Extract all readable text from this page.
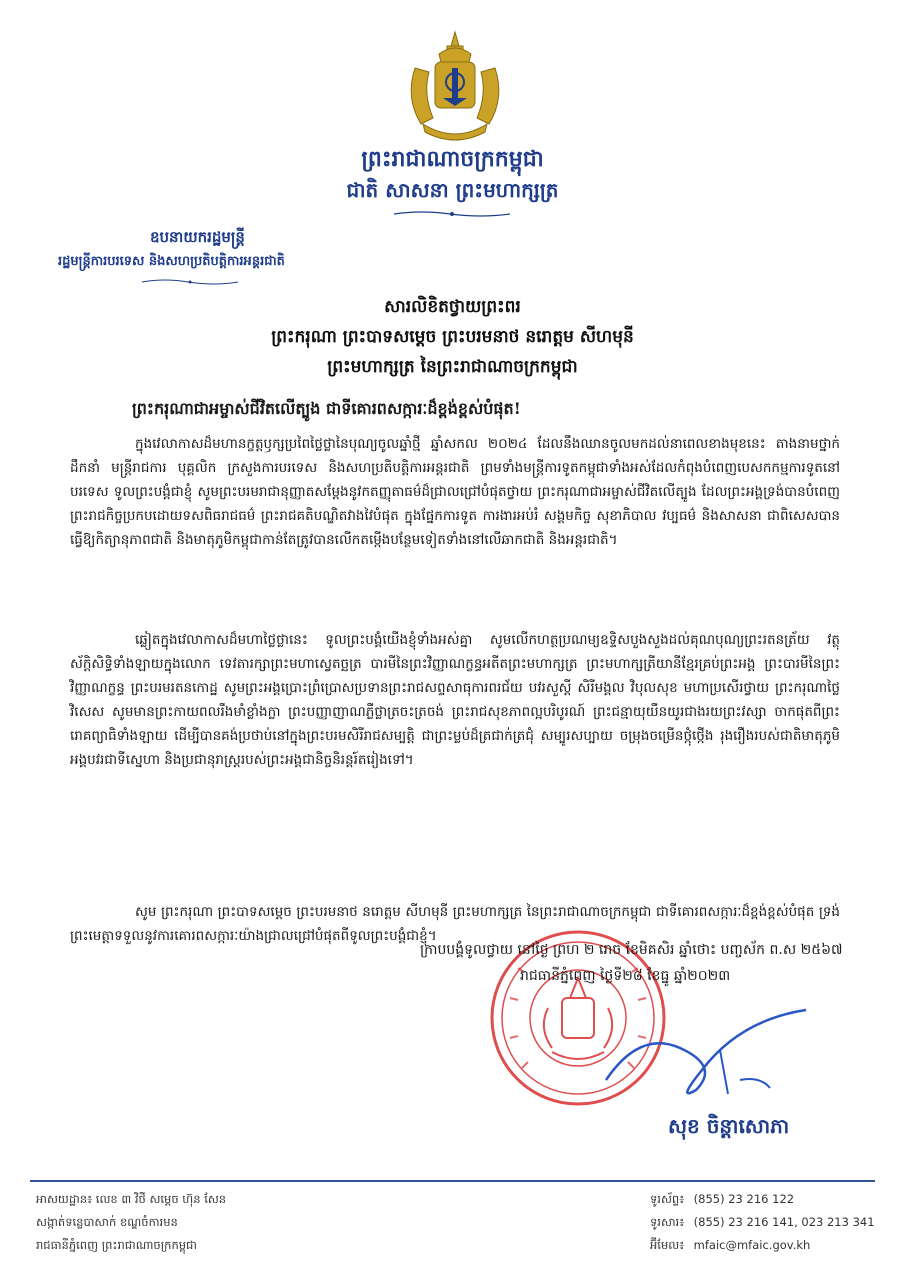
ព្រះរាជាណាចក្រកម្ពុជា
ជាតិ សាសនា ព្រះមហាក្សត្រ
ឧបនាយករដ្ឋមន្ត្រី
រដ្ឋមន្ត្រីការបរទេស និងសហប្រតិបត្តិការអន្តរជាតិ
សារលិខិតថ្វាយព្រះពរ
ព្រះករុណា ព្រះបាទសម្តេច ព្រះបរមនាថ នរោត្តម សីហមុនី
ព្រះមហាក្សត្រ នៃព្រះរាជាណាចក្រកម្ពុជា
ព្រះករុណាជាអម្ចាស់ជីវិតលើត្បូង ជាទីគោរពសក្ការៈដ៏ខ្ពង់ខ្ពស់បំផុត!
ក្នុងវេលាកាសដ៏មហានក្ខត្តឫក្សប្រពៃថ្លៃថ្លានៃបុណ្យចូលឆ្នាំថ្មី ឆ្នាំសកល ២០២៤ ដែលនឹងឈានចូលមកដល់នាពេលខាងមុខនេះ តាងនាមថ្នាក់ដឹកនាំ មន្ត្រីរាជការ បុគ្គលិក ក្រសួងការបរទេស និងសហប្រតិបត្តិការអន្តរជាតិ ព្រមទាំងមន្ត្រីការទូតកម្ពុជាទាំងអស់ដែលកំពុងបំពេញបេសកកម្មការទូតនៅបរទេស ទូលព្រះបង្គំជាខ្ញុំ សូមព្រះបរមរាជានុញ្ញាតសម្តែងនូវកតញ្ញុតាធម៌ដ៏ជ្រាលជ្រៅបំផុតថ្វាយ ព្រះករុណាជាអម្ចាស់ជីវិតលើត្បូង ដែលព្រះអង្គទ្រង់បានបំពេញព្រះរាជកិច្ចប្រកបដោយទសពិធរាជធម៌ ព្រះរាជគតិបណ្ឌិតវាងវៃបំផុត ក្នុងផ្នែកការទូត ការងារអប់រំ សង្គមកិច្ច សុខាភិបាល វប្បធម៌ និងសាសនា ជាពិសេសបានធ្វើឱ្យកិត្យានុភាពជាតិ និងមាតុភូមិកម្ពុជាកាន់តែត្រូវបានលើកតម្កើងបន្ថែមទៀតទាំងនៅលើឆាកជាតិ និងអន្តរជាតិ។
ឆ្លៀតក្នុងវេលាកាសដ៏មហាថ្លៃថ្លានេះ ទូលព្រះបង្គំយើងខ្ញុំទាំងអស់គ្នា សូមលើកហត្ថប្រណម្យឧទ្ទិសបួងសួងដល់គុណបុណ្យព្រះរតនត្រ័យ វត្ថុស័ក្តិសិទ្ធិទាំងឡាយក្នុងលោក ទេវតារក្សាព្រះមហាស្វេតច្ឆត្រ បារមីនៃព្រះវិញ្ញាណក្ខន្ធអតីតព្រះមហាក្សត្រ ព្រះមហាក្សត្រីយានីខ្មែរគ្រប់ព្រះអង្គ ព្រះបារមីនៃព្រះវិញ្ញាណក្ខន្ធ ព្រះបរមរតនកោដ្ឋ សូមព្រះអង្គប្រោះព្រំប្រោសប្រទានព្រះរាជសព្ទសាធុការពរជ័យ បវរសួស្តី សិរីមង្គល វិបុលសុខ មហាប្រសើរថ្វាយ ព្រះករុណាថ្លៃវិសេស សូមមានព្រះកាយពលរឹងមាំខ្លាំងក្លា ព្រះបញ្ញាញាណភ្លឺថ្លាត្រចះត្រចង់ ព្រះរាជសុខភាពល្អបរិបូរណ៍ ព្រះជន្មាយុយឺនយូរជាងរយព្រះវស្សា ចាកផុតពីព្រះរោគព្យាធិទាំងឡាយ ដើម្បីបានគង់ប្រថាប់នៅក្នុងព្រះបរមសិរីរាជសម្បត្តិ ជាព្រះម្លប់ដ៏ត្រជាក់ត្រជុំ សម្បូរសប្បាយ ចម្រុងចម្រើនថ្កុំថ្កើង រុងរឿងរបស់ជាតិមាតុភូមិ អង្គបវរជាទីស្នេហា និងប្រជានុរាស្ត្ររបស់ព្រះអង្គជានិច្ចនិរន្តរ៍តរៀងទៅ។
សូម ព្រះករុណា ព្រះបាទសម្តេច ព្រះបរមនាថ នរោត្តម សីហមុនី ព្រះមហាក្សត្រ នៃព្រះរាជាណាចក្រកម្ពុជា ជាទីគោរពសក្ការៈដ៏ខ្ពង់ខ្ពស់បំផុត ទ្រង់ព្រះមេត្តាទទួលនូវការគោរពសក្ការៈយ៉ាងជ្រាលជ្រៅបំផុតពីទូលព្រះបង្គំជាខ្ញុំ។
ក្រាបបង្គំទូលថ្វាយ នៅថ្ងៃ ព្រហ ២ រោច ខែមិគសិរ ឆ្នាំថោះ បញ្ចស័ក ព.ស ២៥៦៧
រាជធានីភ្នំពេញ ថ្ងៃទី២៨ ខែធ្នូ ឆ្នាំ២០២៣
សុខ ចិន្តាសោភា
អាសយដ្ឋាន៖ លេខ ៣ វិថី សម្តេច ហ៊ុន សែន
សង្កាត់ទន្លេបាសាក់ ខណ្ឌចំការមន
រាជធានីភ្នំពេញ ព្រះរាជាណាចក្រកម្ពុជា
ទូរស័ព្ទ៖ (855) 23 216 122
ទូរសារ៖ (855) 23 216 141, 023 213 341
អ៊ីមែល៖ mfaic@mfaic.gov.kh
